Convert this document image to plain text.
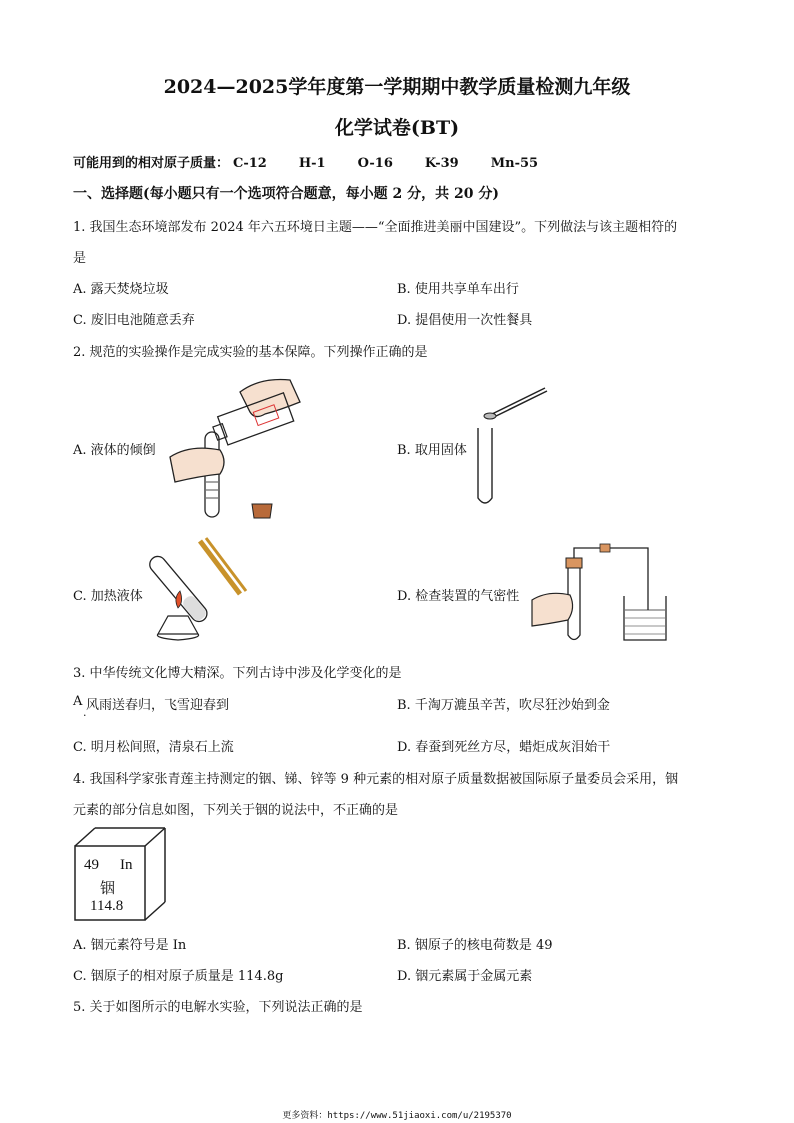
2024—2025学年度第一学期期中教学质量检测九年级
化学试卷(BT)
可能用到的相对原子质量： C-12 H-1 O-16 K-39 Mn-55
一、选择题(每小题只有一个选项符合题意，每小题 2 分，共 20 分)
1. 我国生态环境部发布 2024 年六五环境日主题——“全面推进美丽中国建设”。下列做法与该主题相符的
是
A. 露天焚烧垃圾	B. 使用共享单车出行
C. 废旧电池随意丢弃	D. 提倡使用一次性餐具
2. 规范的实验操作是完成实验的基本保障。下列操作正确的是
A. 液体的倾倒	B. 取用固体
C. 加热液体	D. 检查装置的气密性
3. 中华传统文化博大精深。下列古诗中涉及化学变化的是
A 风雨送春归，飞雪迎春到
.	B. 千淘万漉虽辛苦，吹尽狂沙始到金
C. 明月松间照，清泉石上流	D. 春蚕到死丝方尽，蜡炬成灰泪始干
4. 我国科学家张青莲主持测定的铟、锑、锌等 9 种元素的相对原子质量数据被国际原子量委员会采用，铟
元素的部分信息如图，下列关于铟的说法中，不正确的是
49 In
铟
114.8
A. 铟元素符号是 In	B. 铟原子的核电荷数是 49
C. 铟原子的相对原子质量是 114.8g	D. 铟元素属于金属元素
5. 关于如图所示的电解水实验，下列说法正确的是
更多资料：https://www.51jiaoxi.com/u/2195370
